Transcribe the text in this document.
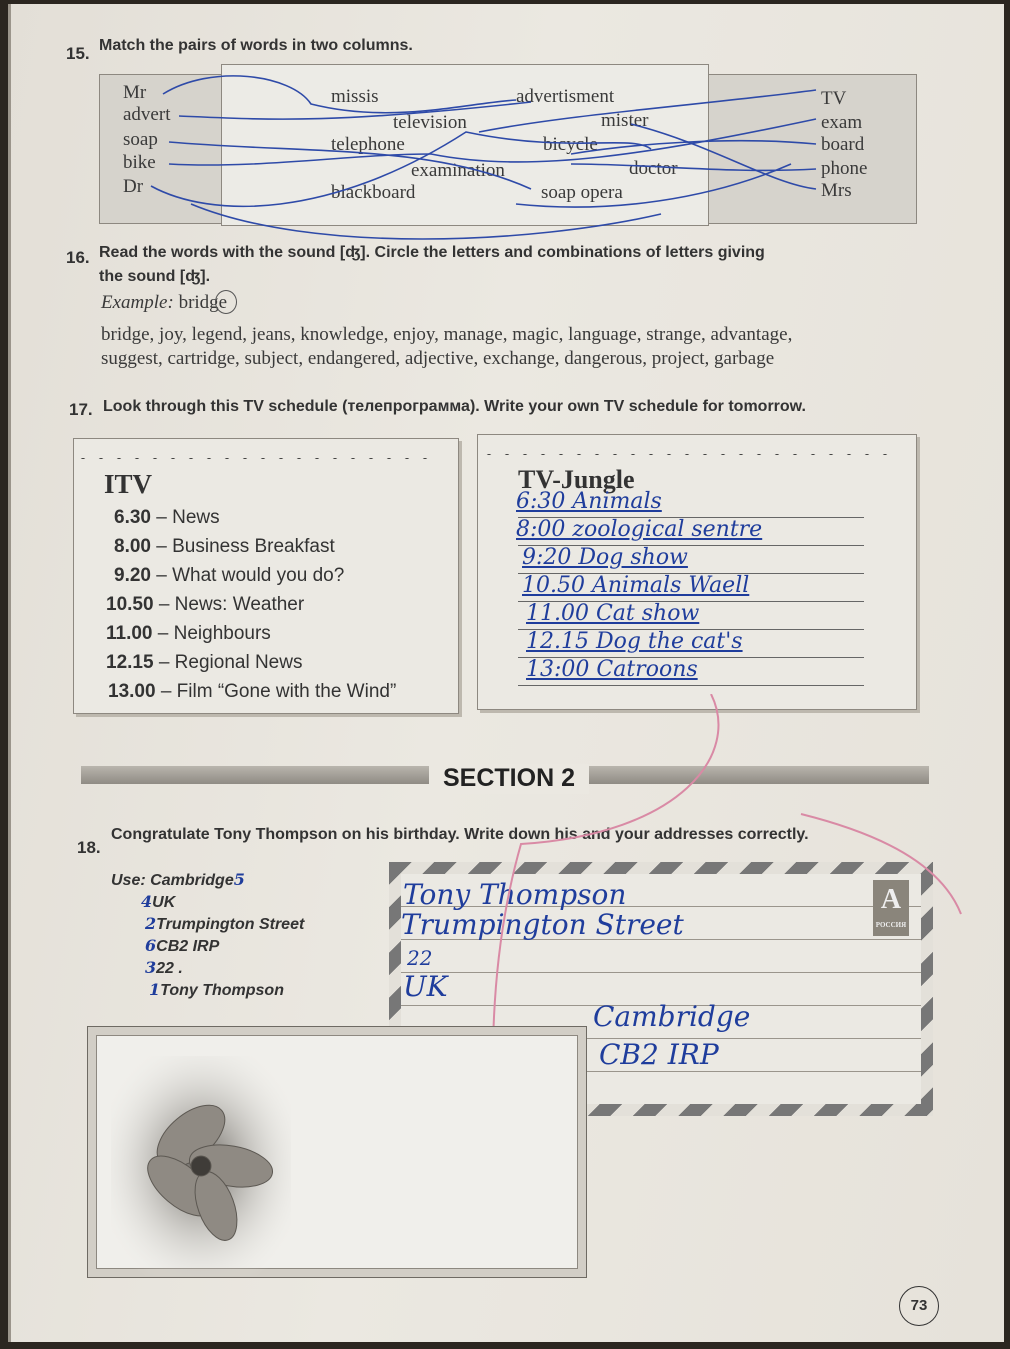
15. Match the pairs of words in two columns.
Mr
advert
soap
bike
Dr
missis	advertisment
television	mister
telephone	bicycle
examination	doctor
blackboard	soap opera
TV
exam
board
phone
Mrs
16. Read the words with the sound [ʤ]. Circle the letters and combinations of letters giving
the sound [ʤ].
Example: bridge
bridge, joy, legend, jeans, knowledge, enjoy, manage, magic, language, strange, advantage,
suggest, cartridge, subject, endangered, adjective, exchange, dangerous, project, garbage
17. Look through this TV schedule (телепрограмма). Write your own TV schedule for tomorrow.
ITV
6.30 – News
8.00 – Business Breakfast
9.20 – What would you do?
10.50 – News: Weather
11.00 – Neighbours
12.15 – Regional News
13.00 – Film “Gone with the Wind”
TV-Jungle
6:30 Animals
8:00 zoological sentre
9:20 Dog show
10.50 Animals Waell
11.00 Cat show
12.15 Dog the cat's
13:00 Catroons
SECTION 2
18.
Congratulate Tony Thompson on his birthday. Write down his and your addresses correctly.
Use: Cambridge5
4UK
2Trumpington Street
6CB2 IRP
322 .
1Tony Thompson
A
РОССИЯ
Tony Thompson
Trumpington Street
22
UK
Cambridge
CB2 IRP
73
